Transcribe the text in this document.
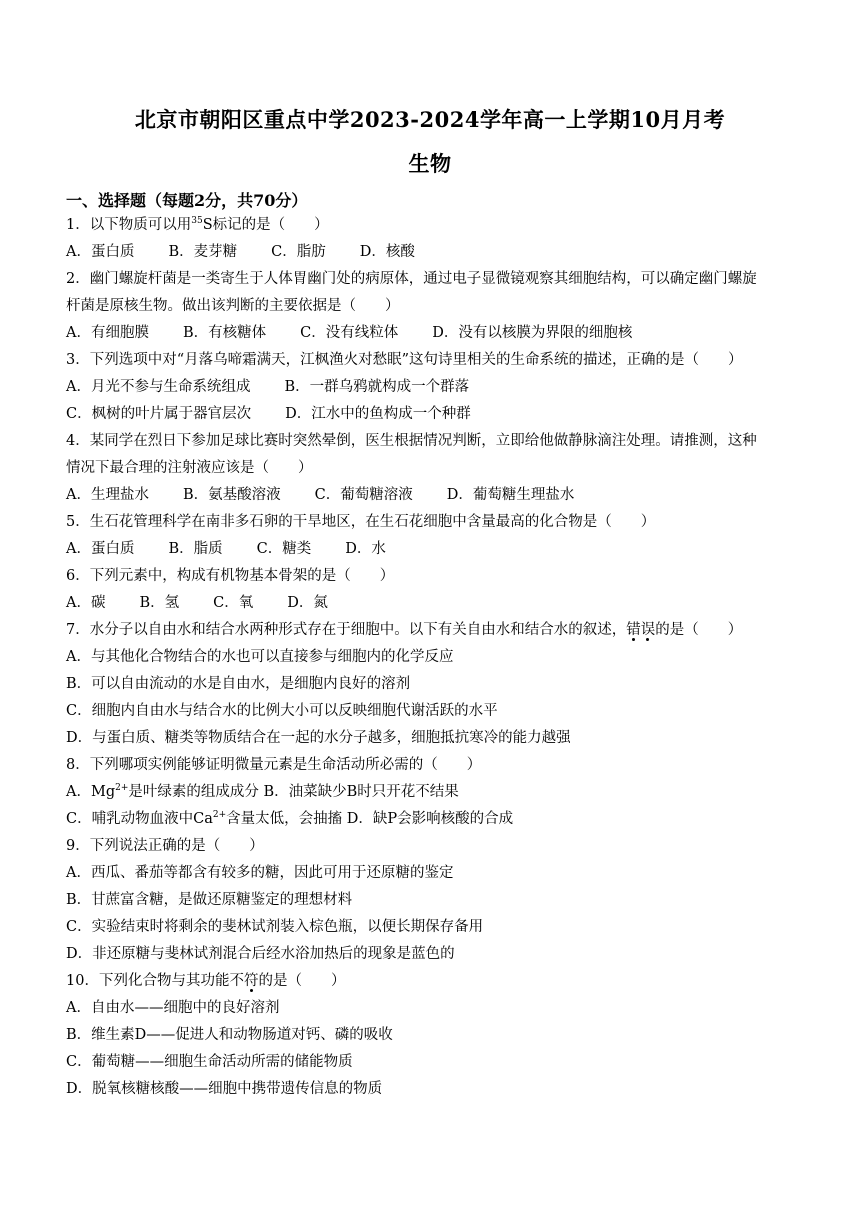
北京市朝阳区重点中学2023-2024学年高一上学期10月月考
生物
一、选择题（每题2分，共70分）
1．以下物质可以用$^{35}$S标记的是（　　）
A．蛋白质 B．麦芽糖 C．脂肪 D．核酸
2．幽门螺旋杆菌是一类寄生于人体胃幽门处的病原体，通过电子显微镜观察其细胞结构，可以确定幽门螺旋
杆菌是原核生物。做出该判断的主要依据是（　　）
A．有细胞膜 B．有核糖体 C．没有线粒体 D．没有以核膜为界限的细胞核
3．下列选项中对“月落乌啼霜满天，江枫渔火对愁眠”这句诗里相关的生命系统的描述，正确的是（　　）
A．月光不参与生命系统组成 B．一群乌鸦就构成一个群落
C．枫树的叶片属于器官层次 D．江水中的鱼构成一个种群
4．某同学在烈日下参加足球比赛时突然晕倒，医生根据情况判断，立即给他做静脉滴注处理。请推测，这种
情况下最合理的注射液应该是（　　）
A．生理盐水 B．氨基酸溶液 C．葡萄糖溶液 D．葡萄糖生理盐水
5．生石花管理科学在南非多石卵的干旱地区，在生石花细胞中含量最高的化合物是（　　）
A．蛋白质 B．脂质 C．糖类 D．水
6．下列元素中，构成有机物基本骨架的是（　　）
A．碳 B．氢 C．氧 D．氮
7．水分子以自由水和结合水两种形式存在于细胞中。以下有关自由水和结合水的叙述，错误的是（　　）
A．与其他化合物结合的水也可以直接参与细胞内的化学反应
B．可以自由流动的水是自由水，是细胞内良好的溶剂
C．细胞内自由水与结合水的比例大小可以反映细胞代谢活跃的水平
D．与蛋白质、糖类等物质结合在一起的水分子越多，细胞抵抗寒冷的能力越强
8．下列哪项实例能够证明微量元素是生命活动所必需的（　　）
A．$Mg^{2+}$是叶绿素的组成成分 B．油菜缺少B时只开花不结果
C．哺乳动物血液中$Ca^{2+}$含量太低，会抽搐 D．缺P会影响核酸的合成
9．下列说法正确的是（　　）
A．西瓜、番茄等都含有较多的糖，因此可用于还原糖的鉴定
B．甘蔗富含糖，是做还原糖鉴定的理想材料
C．实验结束时将剩余的斐林试剂装入棕色瓶，以便长期保存备用
D．非还原糖与斐林试剂混合后经水浴加热后的现象是蓝色的
10．下列化合物与其功能不符的是（　　）
A．自由水——细胞中的良好溶剂
B．维生素D——促进人和动物肠道对钙、磷的吸收
C．葡萄糖——细胞生命活动所需的储能物质
D．脱氧核糖核酸——细胞中携带遗传信息的物质
